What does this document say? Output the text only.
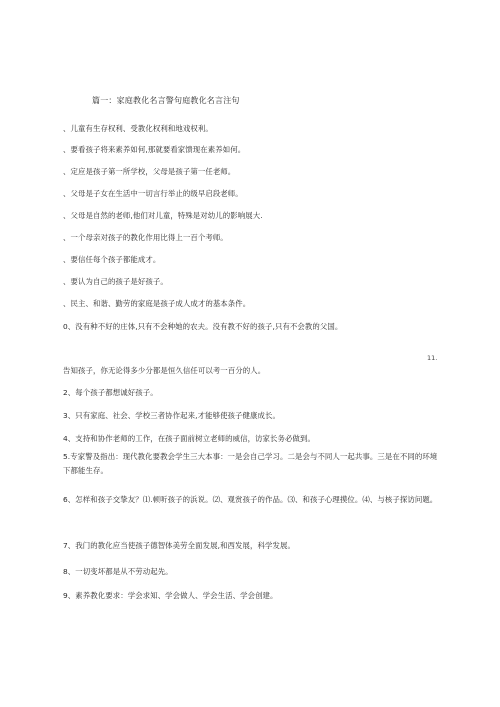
篇一：家庭教化名言警句庭教化名言注句
、儿童有生存权利、受教化权利和地戏权利。
、要看孩子将来素养如何,那就要看家馈现在素养如何。
、定应是孩子第一所学校，父母是孩子第一任老师。
、父母是子女在生活中一切言行举止的级早启段老师。
、父母是自然的老师,他们对儿童，特殊是对幼儿的影响展大.
、一个母亲对孩子的教化作用比得上一百个考师。
、要信任每个孩子都能成才。
、要认为自己的孩子是好孩子。
、民主、和谐、勤劳的家庭是孩子成人成才的基本条件。
0、没有种不好的庄体,只有不会种她的农夫。没有教不好的孩子,只有不会教的父国。
11.
告知孩子，你无论得多少分都是恒久信任可以考一百分的人。
2、每个孩子都想诚好孩子。
3、只有家庭、社会、学校三者协作起来,才能够使孩子健康成长。
4、支持和协作老师的工作，在孩子面前树立老师的威信，访家长务必做到。
5.专家警及指出：现代教化要教会学生三大本事：一是会自己学习。二是会与不同人一起共事。三是在不同的环境下都能生存。
6、怎样和孩子交挚友？⑴.顿听孩子的浜说。⑵、观赏孩子的作品。⑶、和孩子心理摸位。⑷、与核子探访问题。
7、我门的教化应当使孩子德智体美劳全面发展,和西发展，科学发展。
8、一切变坏都是从不劳动起先。
9、素养教化要求：学会求知、学会做人、学会生活、学会创建。
